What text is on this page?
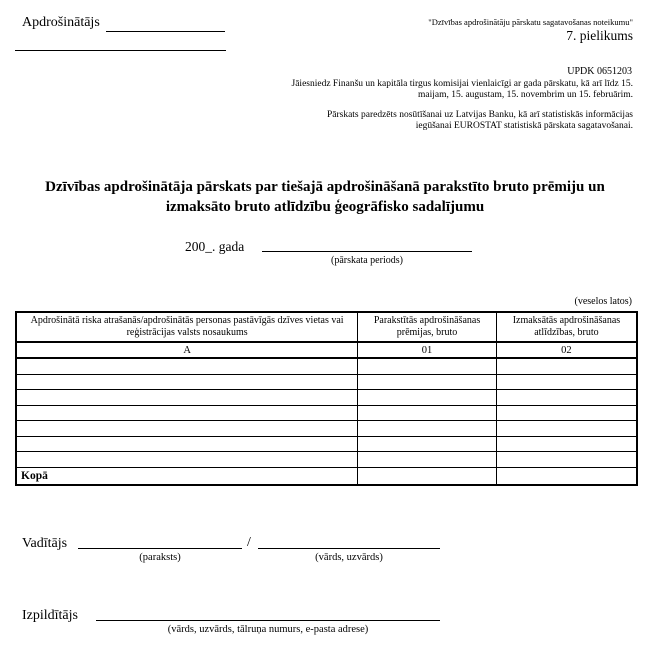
Apdrošinātājs	"Dzīvības apdrošinātāju pārskatu sagatavošanas noteikumu"
7. pielikums
UPDK 0651203
Jāiesniedz Finanšu un kapitāla tirgus komisijai vienlaicīgi ar gada pārskatu, kā arī līdz 15. maijam, 15. augustam, 15. novembrim un 15. februārim.
Pārskats paredzēts nosūtīšanai uz Latvijas Banku, kā arī statistiskās informācijas iegūšanai EUROSTAT statistiskā pārskata sagatavošanai.
Dzīvības apdrošinātāja pārskats par tiešajā apdrošināšanā parakstīto bruto prēmiju un izmaksāto bruto atlīdzību ģeogrāfisko sadalījumu
200_. gada
(pārskata periods)
(veselos latos)
Apdrošinātā riska atrašanās/apdrošinātās personas pastāvīgās dzīves vietas vai reģistrācijas valsts nosaukums	Parakstītās apdrošināšanas prēmijas, bruto	Izmaksātās apdrošināšanas atlīdzības, bruto
A	01	02

Kopā		
Vadītājs	/
(paraksts)	(vārds, uzvārds)
Izpildītājs
(vārds, uzvārds, tālruņa numurs, e-pasta adrese)
